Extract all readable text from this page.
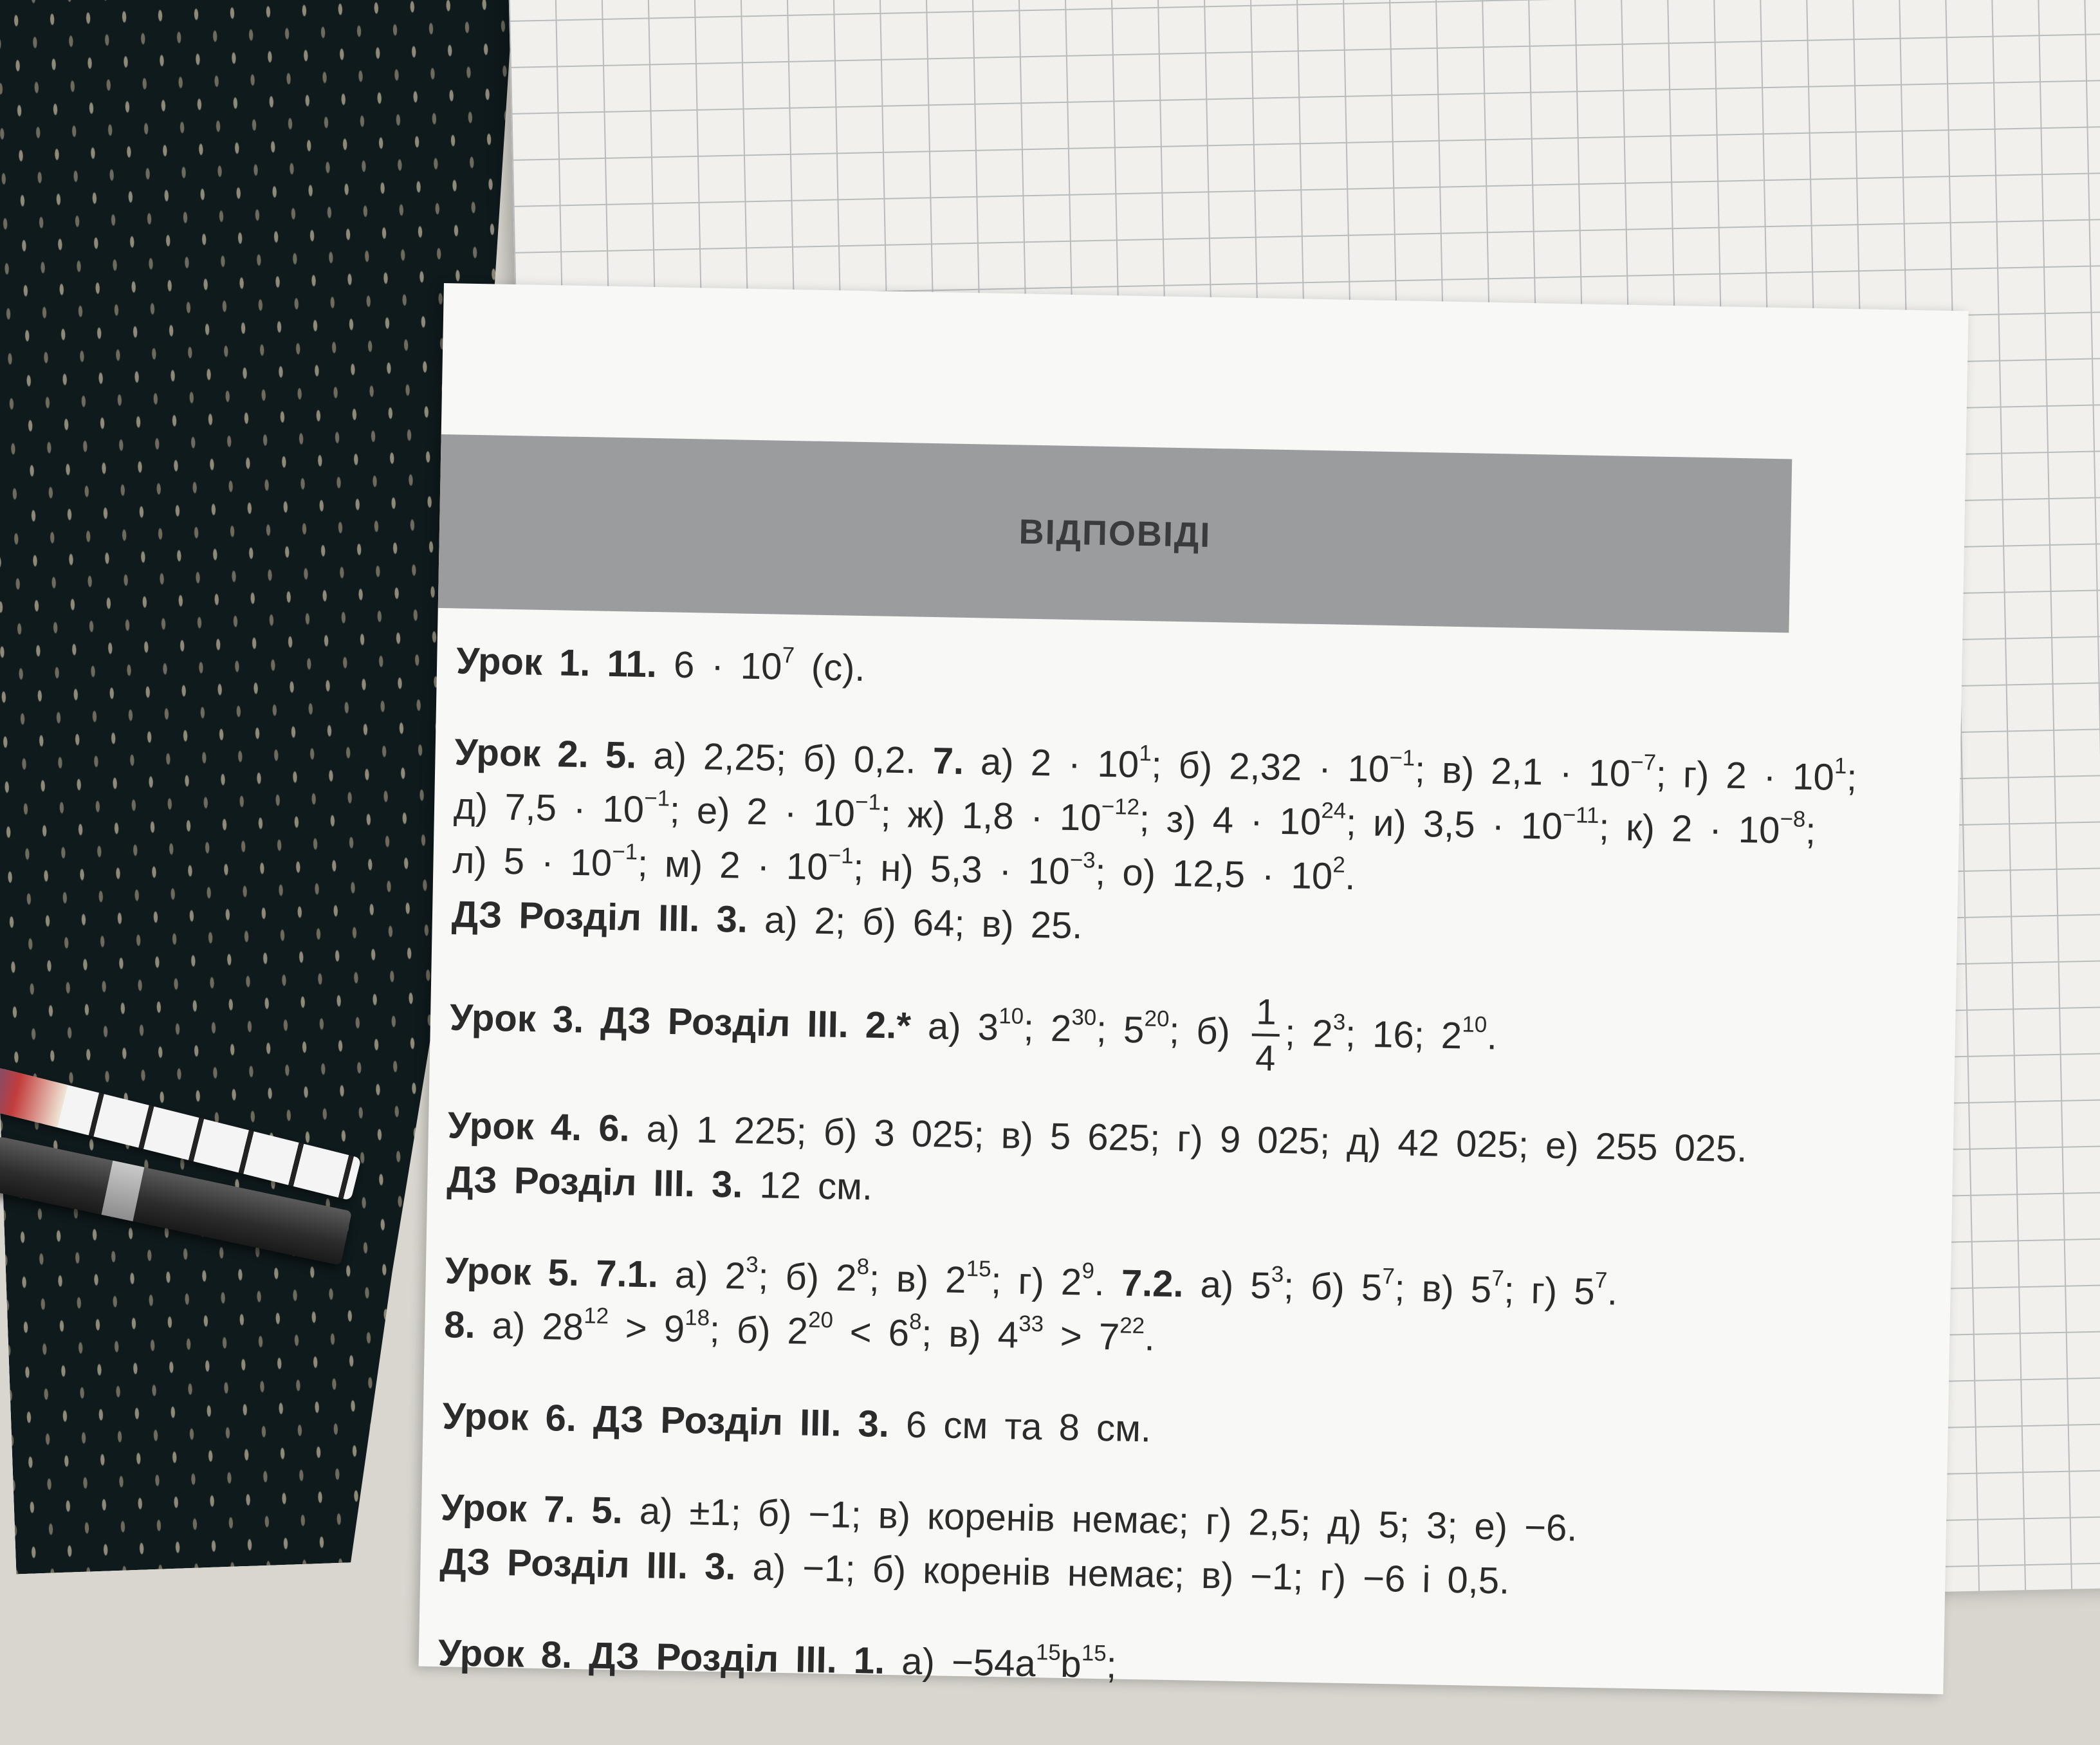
ВІДПОВІДІ
Урок 1. 11. $6 \cdot 10^7$ (с).
Урок 2. 5. а) 2,25; б) 0,2. 7. а) $2 \cdot 10^1$; б) $2,32 \cdot 10^{-1}$; в) $2,1 \cdot 10^{-7}$; г) $2 \cdot 10^1$;
д) $7,5 \cdot 10^{-1}$; е) $2 \cdot 10^{-1}$; ж) $1,8 \cdot 10^{-12}$; з) $4 \cdot 10^{24}$; и) $3,5 \cdot 10^{-11}$; к) $2 \cdot 10^{-8}$;
л) $5 \cdot 10^{-1}$; м) $2 \cdot 10^{-1}$; н) $5,3 \cdot 10^{-3}$; о) $12,5 \cdot 10^2$.
ДЗ Розділ III. 3. а) 2; б) 64; в) 25.
Урок 3. ДЗ Розділ III. 2.* а) $3^{10}$; $2^{30}$; $5^{20}$; $б) \frac{1}{4}$ ; $2^3$; 16; $2^{10}$.
Урок 4. 6. а) 1 225; б) 3 025; в) 5 625; г) 9 025; д) 42 025; е) 255 025.
ДЗ Розділ III. 3. 12 см.
Урок 5. 7.1. а) $2^3$; б) $2^8$; в) $2^{15}$; г) $2^9$. 7.2. а) $5^3$; б) $5^7$; в) $5^7$; г) $5^7$.
8. а) $28^{12} > 9^{18}$; б) $2^{20} < 6^8$; в) $4^{33} > 7^{22}$.
Урок 6. ДЗ Розділ III. 3. 6 см та 8 см.
Урок 7. 5. а) ±1; б) −1; в) коренів немає; г) 2,5; д) 5; 3; е) −6.
ДЗ Розділ III. 3. а) −1; б) коренів немає; в) −1; г) −6 і 0,5.
Урок 8. ДЗ Розділ III. 1. $а) -54a^{15}b^{15}$;
